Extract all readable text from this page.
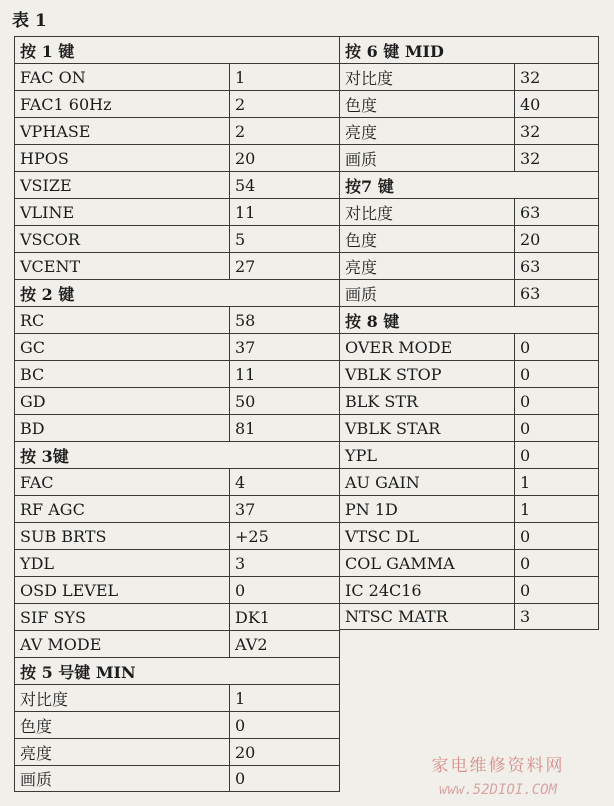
表 1
按 1 键
FAC ON	1
FAC1 60Hz	2
VPHASE	2
HPOS	20
VSIZE	54
VLINE	11
VSCOR	5
VCENT	27
按 2 键
RC	58
GC	37
BC	11
GD	50
BD	81
按 3键
FAC	4
RF AGC	37
SUB BRTS	+25
YDL	3
OSD LEVEL	0
SIF SYS	DK1
AV MODE	AV2
按 5 号键 MIN
对比度	1
色度	0
亮度	20
画质	0
按 6 键 MID
对比度	32
色度	40
亮度	32
画质	32
按7 键
对比度	63
色度	20
亮度	63
画质	63
按 8 键
OVER MODE	0
VBLK STOP	0
BLK STR	0
VBLK STAR	0
YPL	0
AU GAIN	1
PN 1D	1
VTSC DL	0
COL GAMMA	0
IC 24C16	0
NTSC MATR	3
家电维修资料网
www.52DIOI.COM
